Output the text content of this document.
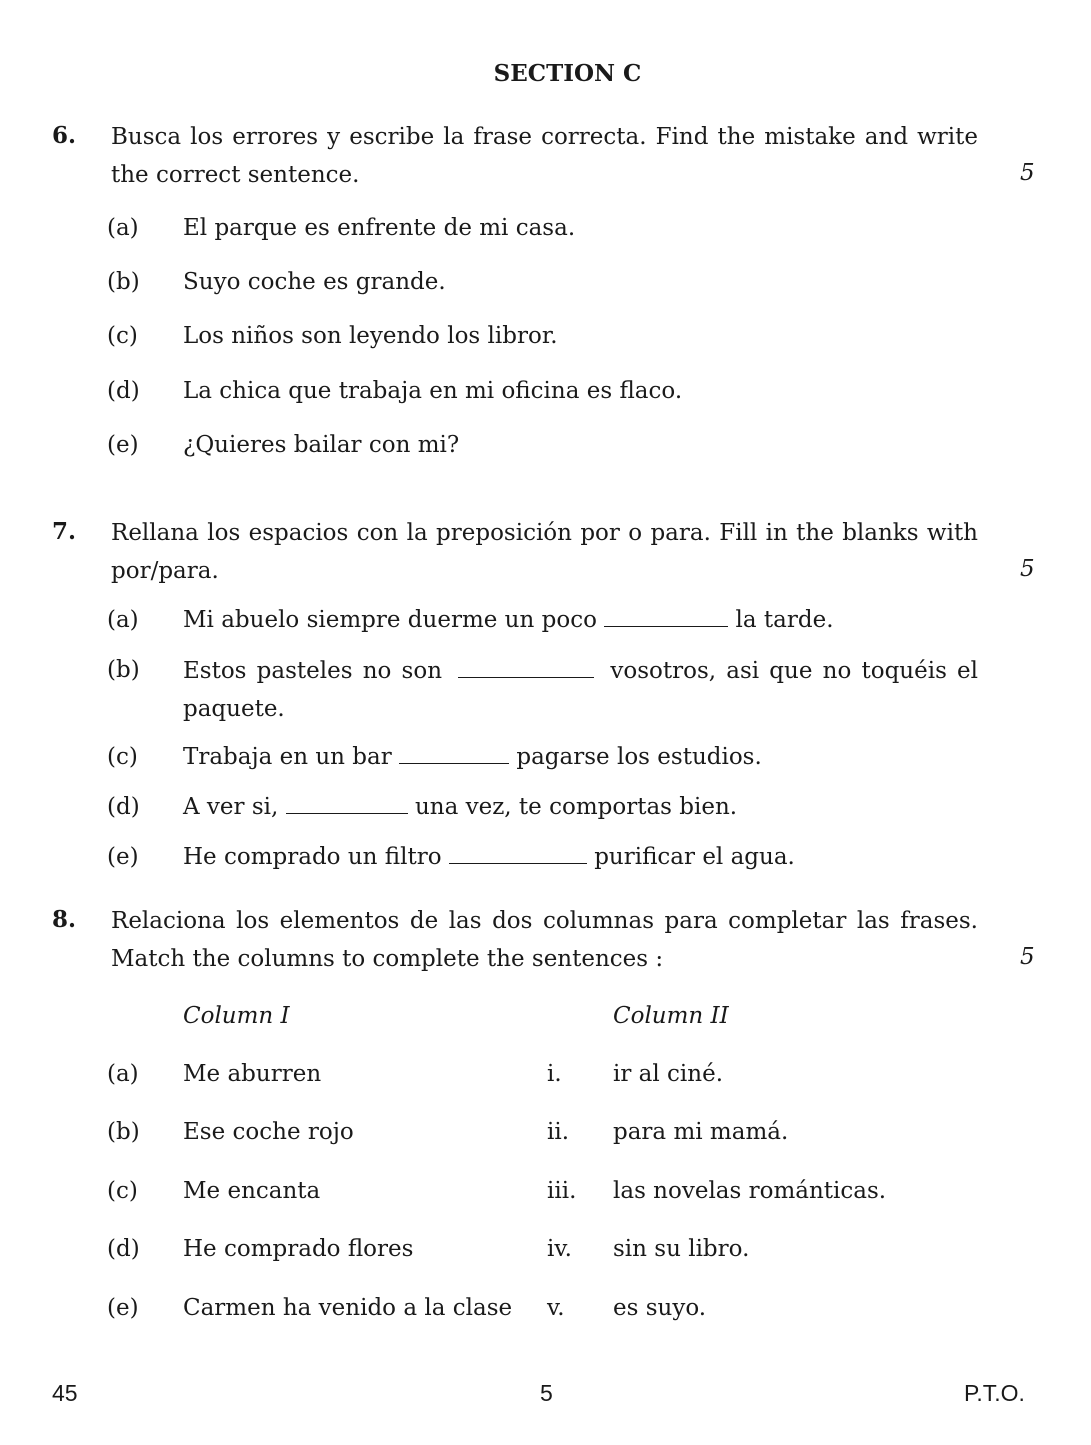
SECTION C
6. Busca los errores y escribe la frase correcta. Find the mistake and write
the correct sentence.	5
(a) El parque es enfrente de mi casa.
(b) Suyo coche es grande.
(c) Los niños son leyendo los libror.
(d) La chica que trabaja en mi oficina es flaco.
(e) ¿Quieres bailar con mi?
7. Rellana los espacios con la preposición por o para. Fill in the blanks with
por/para.	5
(a) Mi abuelo siempre duerme un poco	la tarde.
(b) Estos pasteles no son	vosotros, asi que no toquéis el paquete.
(c) Trabaja en un bar	pagarse los estudios.
(d) A ver si,	una vez, te comportas bien.
(e) He comprado un filtro	purificar el agua.
8. Relaciona los elementos de las dos columnas para completar las frases.
Match the columns to complete the sentences :	5
Column I	Column II
(a) Me aburren	i. ir al ciné.
(b) Ese coche rojo	ii. para mi mamá.
(c) Me encanta	iii. las novelas románticas.
(d) He comprado flores	iv. sin su libro.
(e) Carmen ha venido a la clase v. es suyo.
45	5	P.T.O.
